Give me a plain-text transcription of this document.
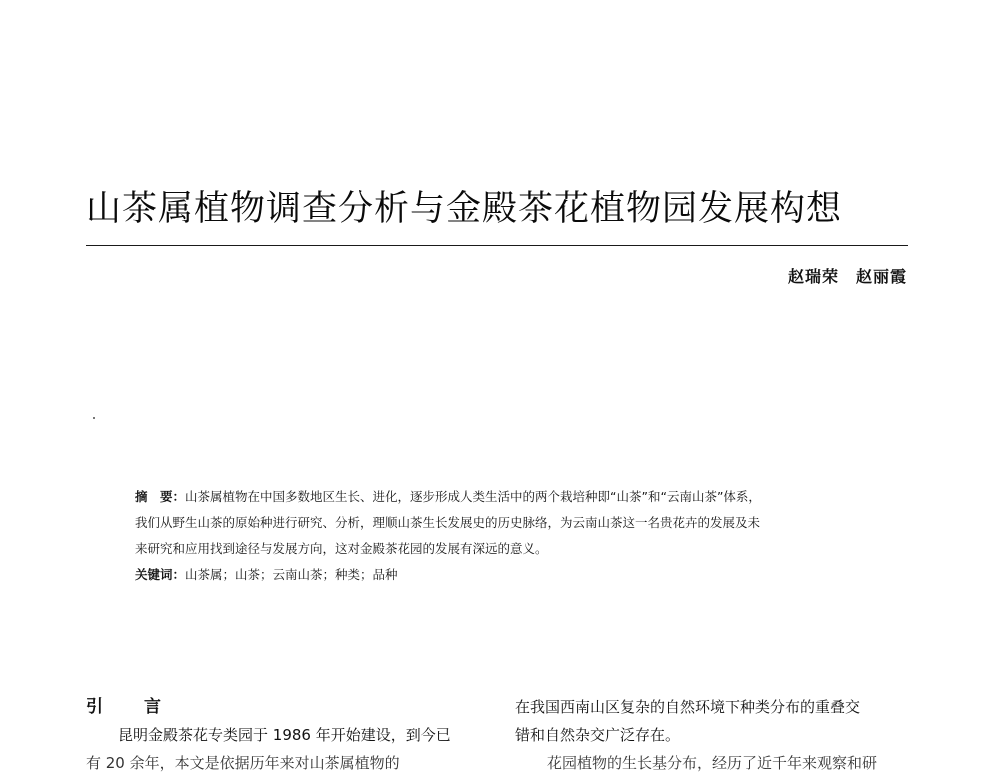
山茶属植物调查分析与金殿茶花植物园发展构想
赵瑞荣　赵丽霞

摘　要：山茶属植物在中国多数地区生长、进化，逐步形成人类生活中的两个栽培种即“山茶”和“云南山茶”体系，

我们从野生山茶的原始种进行研究、分析，理顺山茶生长发展史的历史脉络，为云南山茶这一名贵花卉的发展及未

来研究和应用找到途径与发展方向，这对金殿茶花园的发展有深远的意义。

关键词：山茶属；山茶；云南山茶；种类；品种

引　言

昆明金殿茶花专类园于 1986 年开始建设，到今已

有 20 余年，本文是依据历年来对山茶属植物的

在我国西南山区复杂的自然环境下种类分布的重叠交

错和自然杂交广泛存在。

花园植物的生长基分布，经历了近千年来观察和研
